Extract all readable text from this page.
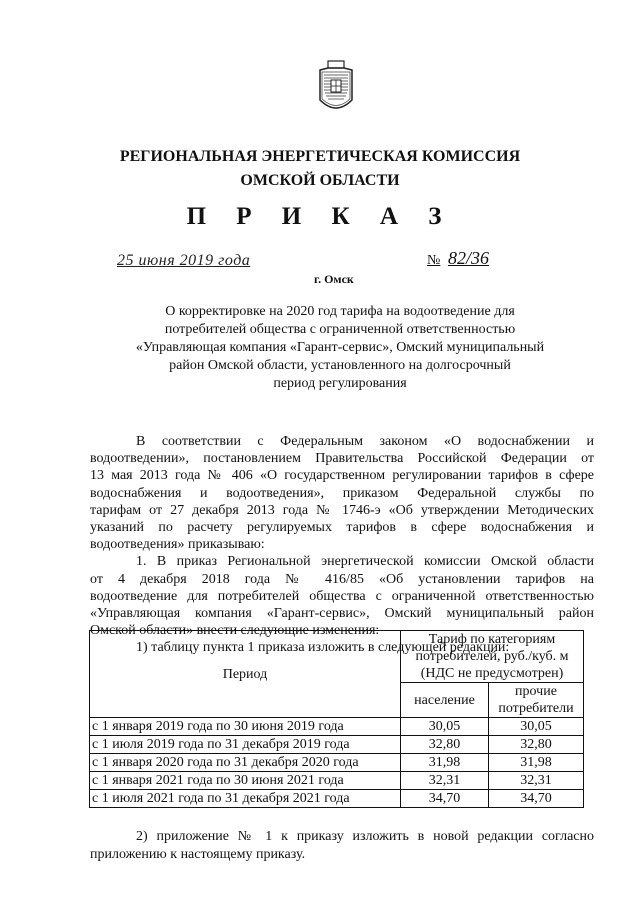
РЕГИОНАЛЬНАЯ ЭНЕРГЕТИЧЕСКАЯ КОМИССИЯ
ОМСКОЙ ОБЛАСТИ
П Р И К А З
25 июня 2019 года
г. Омск
№ 82/36
О корректировке на 2020 год тарифа на водоотведение для
потребителей общества с ограниченной ответственностью
«Управляющая компания «Гарант-сервис», Омский муниципальный
район Омской области, установленного на долгосрочный
период регулирования
В соответствии с Федеральным законом «О водоснабжении и
водоотведении», постановлением Правительства Российской Федерации от
13 мая 2013 года № 406 «О государственном регулировании тарифов в сфере
водоснабжения и водоотведения», приказом Федеральной службы по
тарифам от 27 декабря 2013 года № 1746-э «Об утверждении Методических
указаний по расчету регулируемых тарифов в сфере водоснабжения и
водоотведения» приказываю:
1. В приказ Региональной энергетической комиссии Омской области
от 4 декабря 2018 года № 416/85 «Об установлении тарифов на
водоотведение для потребителей общества с ограниченной ответственностью
«Управляющая компания «Гарант-сервис», Омский муниципальный район
Омской области» внести следующие изменения:
1) таблицу пункта 1 приказа изложить в следующей редакции:
Период	Тариф по категориям
потребителей, руб./куб. м
(НДС не предусмотрен)	

	население	прочие
потребители

с 1 января 2019 года по 30 июня 2019 года	30,05	30,05
с 1 июля 2019 года по 31 декабря 2019 года	32,80	32,80
с 1 января 2020 года по 31 декабря 2020 года	31,98	31,98
с 1 января 2021 года по 30 июня 2021 года	32,31	32,31
с 1 июля 2021 года по 31 декабря 2021 года	34,70	34,70
2) приложение № 1 к приказу изложить в новой редакции согласно
приложению к настоящему приказу.
